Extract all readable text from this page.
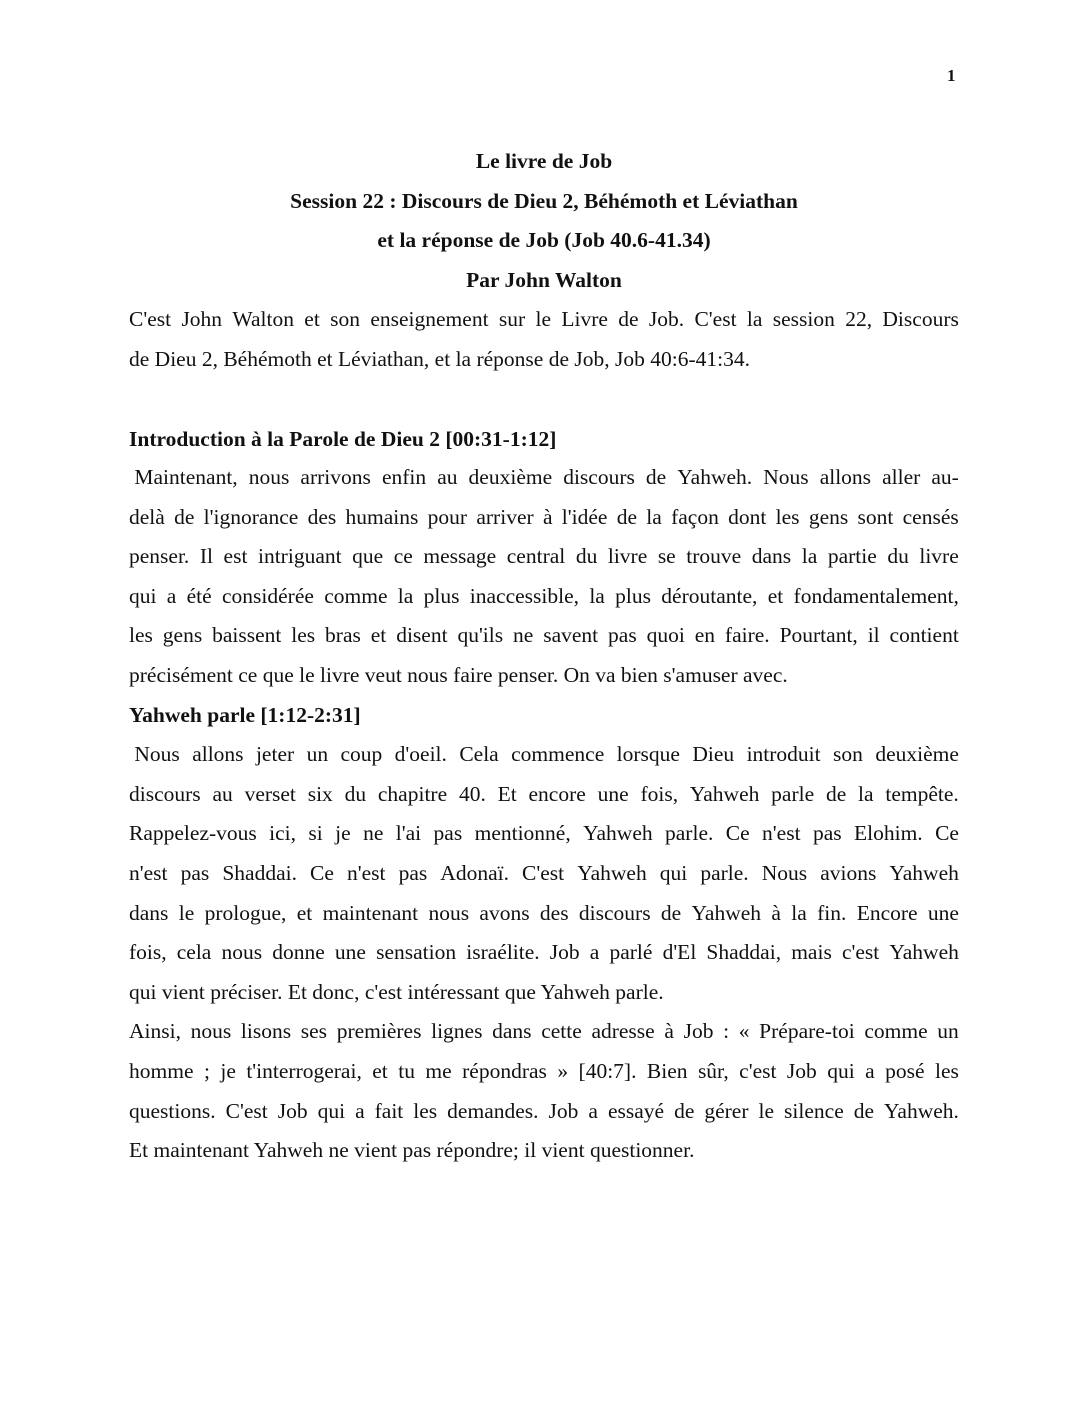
1
Le livre de Job
Session 22 : Discours de Dieu 2, Béhémoth et Léviathan
et la réponse de Job (Job 40.6-41.34)
Par John Walton
C'est John Walton et son enseignement sur le Livre de Job. C'est la session 22, Discours
de Dieu 2, Béhémoth et Léviathan, et la réponse de Job, Job 40:6-41:34.
Introduction à la Parole de Dieu 2 [00:31-1:12]
Maintenant, nous arrivons enfin au deuxième discours de Yahweh. Nous allons aller au-
delà de l'ignorance des humains pour arriver à l'idée de la façon dont les gens sont censés
penser. Il est intriguant que ce message central du livre se trouve dans la partie du livre
qui a été considérée comme la plus inaccessible, la plus déroutante, et fondamentalement,
les gens baissent les bras et disent qu'ils ne savent pas quoi en faire. Pourtant, il contient
précisément ce que le livre veut nous faire penser. On va bien s'amuser avec.
Yahweh parle [1:12-2:31]
Nous allons jeter un coup d'oeil. Cela commence lorsque Dieu introduit son deuxième
discours au verset six du chapitre 40. Et encore une fois, Yahweh parle de la tempête.
Rappelez-vous ici, si je ne l'ai pas mentionné, Yahweh parle. Ce n'est pas Elohim. Ce
n'est pas Shaddai. Ce n'est pas Adonaï. C'est Yahweh qui parle. Nous avions Yahweh
dans le prologue, et maintenant nous avons des discours de Yahweh à la fin. Encore une
fois, cela nous donne une sensation israélite. Job a parlé d'El Shaddai, mais c'est Yahweh
qui vient préciser. Et donc, c'est intéressant que Yahweh parle.
Ainsi, nous lisons ses premières lignes dans cette adresse à Job : « Prépare-toi comme un
homme ; je t'interrogerai, et tu me répondras » [40:7]. Bien sûr, c'est Job qui a posé les
questions. C'est Job qui a fait les demandes. Job a essayé de gérer le silence de Yahweh.
Et maintenant Yahweh ne vient pas répondre; il vient questionner.
